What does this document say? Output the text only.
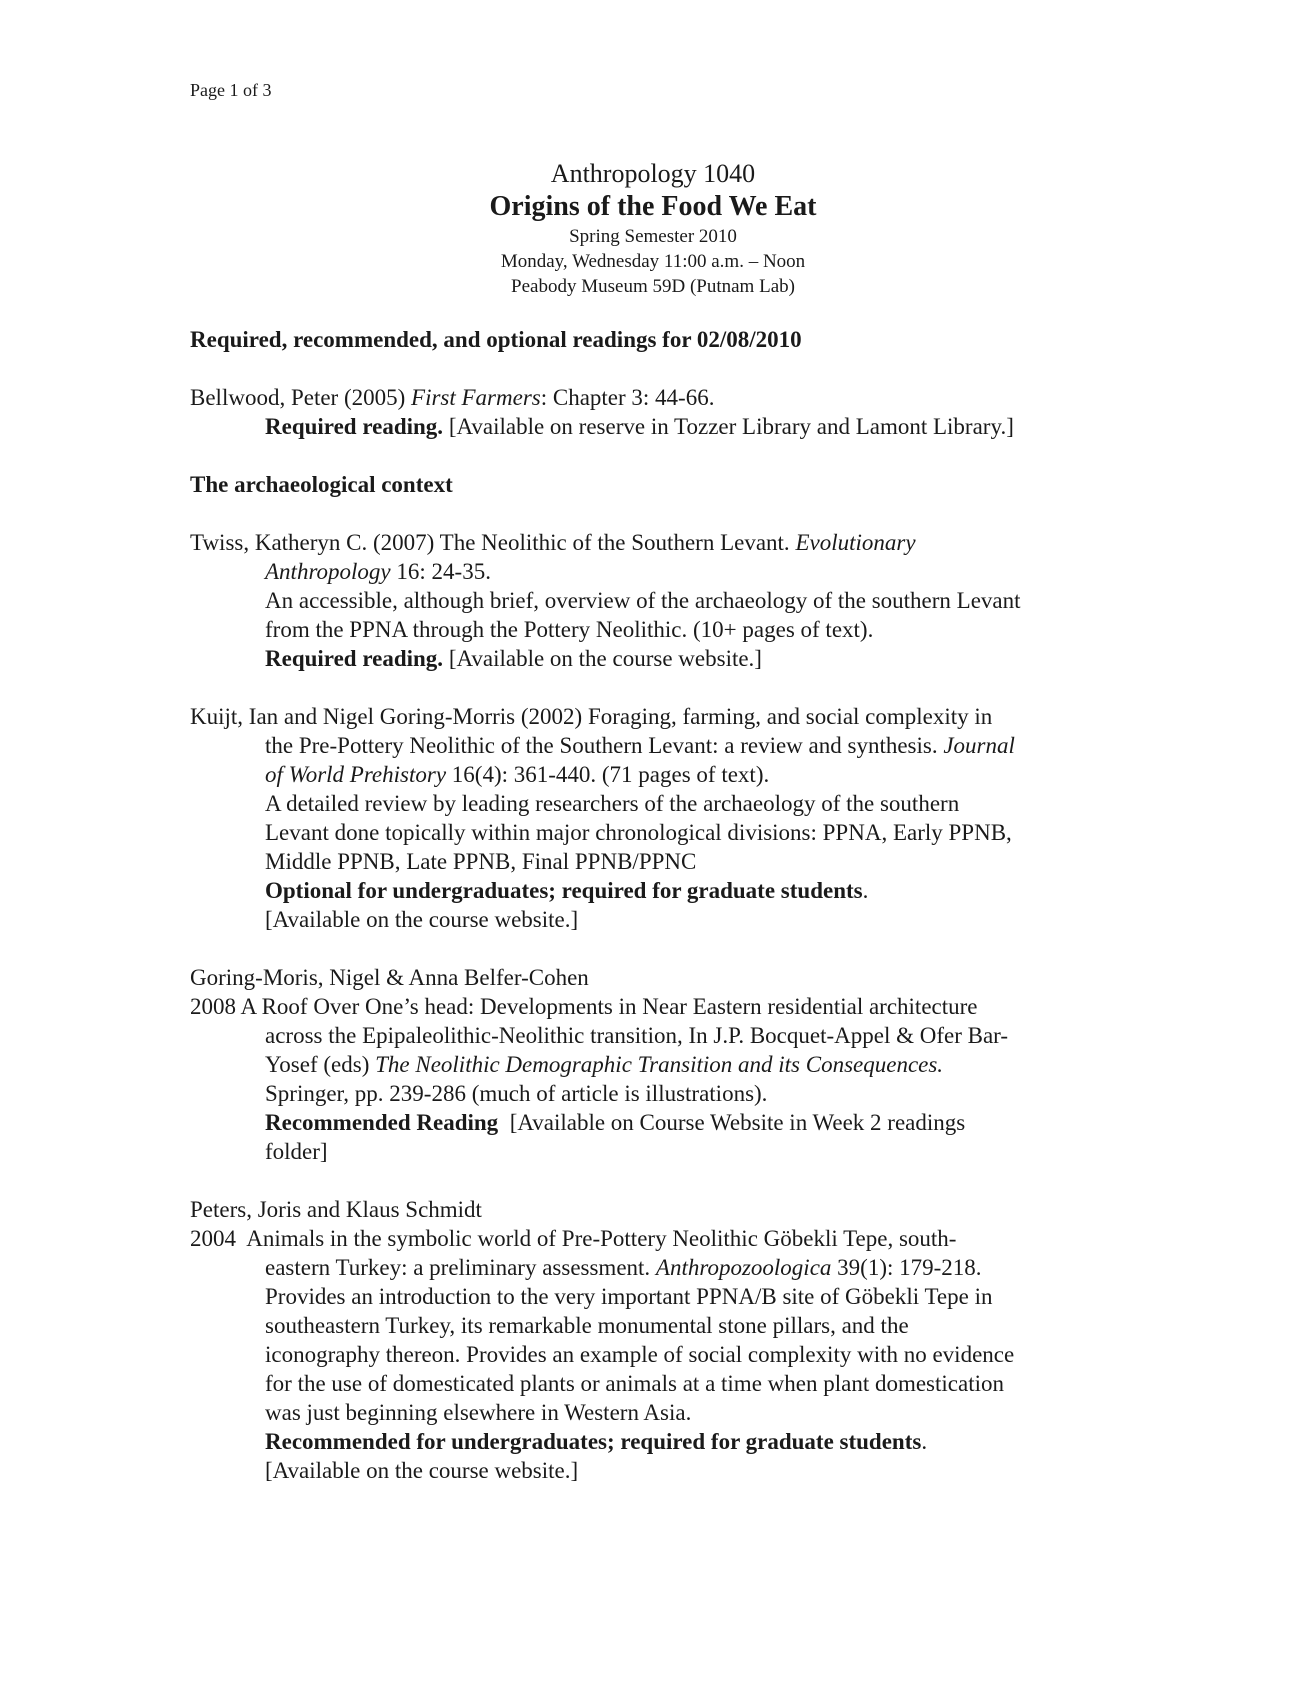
Page 1 of 3
Anthropology 1040
Origins of the Food We Eat
Spring Semester 2010
Monday, Wednesday 11:00 a.m. – Noon
Peabody Museum 59D (Putnam Lab)

Required, recommended, and optional readings for 02/08/2010

Bellwood, Peter (2005) First Farmers: Chapter 3: 44-66.

Required reading. [Available on reserve in Tozzer Library and Lamont Library.]

The archaeological context

Twiss, Katheryn C. (2007) The Neolithic of the Southern Levant. Evolutionary

Anthropology 16: 24-35.

An accessible, although brief, overview of the archaeology of the southern Levant

from the PPNA through the Pottery Neolithic. (10+ pages of text).

Required reading. [Available on the course website.]

Kuijt, Ian and Nigel Goring-Morris (2002) Foraging, farming, and social complexity in

the Pre-Pottery Neolithic of the Southern Levant: a review and synthesis. Journal

of World Prehistory 16(4): 361-440. (71 pages of text).

A detailed review by leading researchers of the archaeology of the southern

Levant done topically within major chronological divisions: PPNA, Early PPNB,

Middle PPNB, Late PPNB, Final PPNB/PPNC

Optional for undergraduates; required for graduate students.

[Available on the course website.]

Goring-Moris, Nigel & Anna Belfer-Cohen

2008 A Roof Over One’s head: Developments in Near Eastern residential architecture

across the Epipaleolithic-Neolithic transition, In J.P. Bocquet-Appel & Ofer Bar-

Yosef (eds) The Neolithic Demographic Transition and its Consequences.

Springer, pp. 239-286 (much of article is illustrations).

Recommended Reading  [Available on Course Website in Week 2 readings

folder]

Peters, Joris and Klaus Schmidt

2004  Animals in the symbolic world of Pre-Pottery Neolithic Göbekli Tepe, south-

eastern Turkey: a preliminary assessment. Anthropozoologica 39(1): 179-218.

Provides an introduction to the very important PPNA/B site of Göbekli Tepe in

southeastern Turkey, its remarkable monumental stone pillars, and the

iconography thereon. Provides an example of social complexity with no evidence

for the use of domesticated plants or animals at a time when plant domestication

was just beginning elsewhere in Western Asia.

Recommended for undergraduates; required for graduate students.

[Available on the course website.]
